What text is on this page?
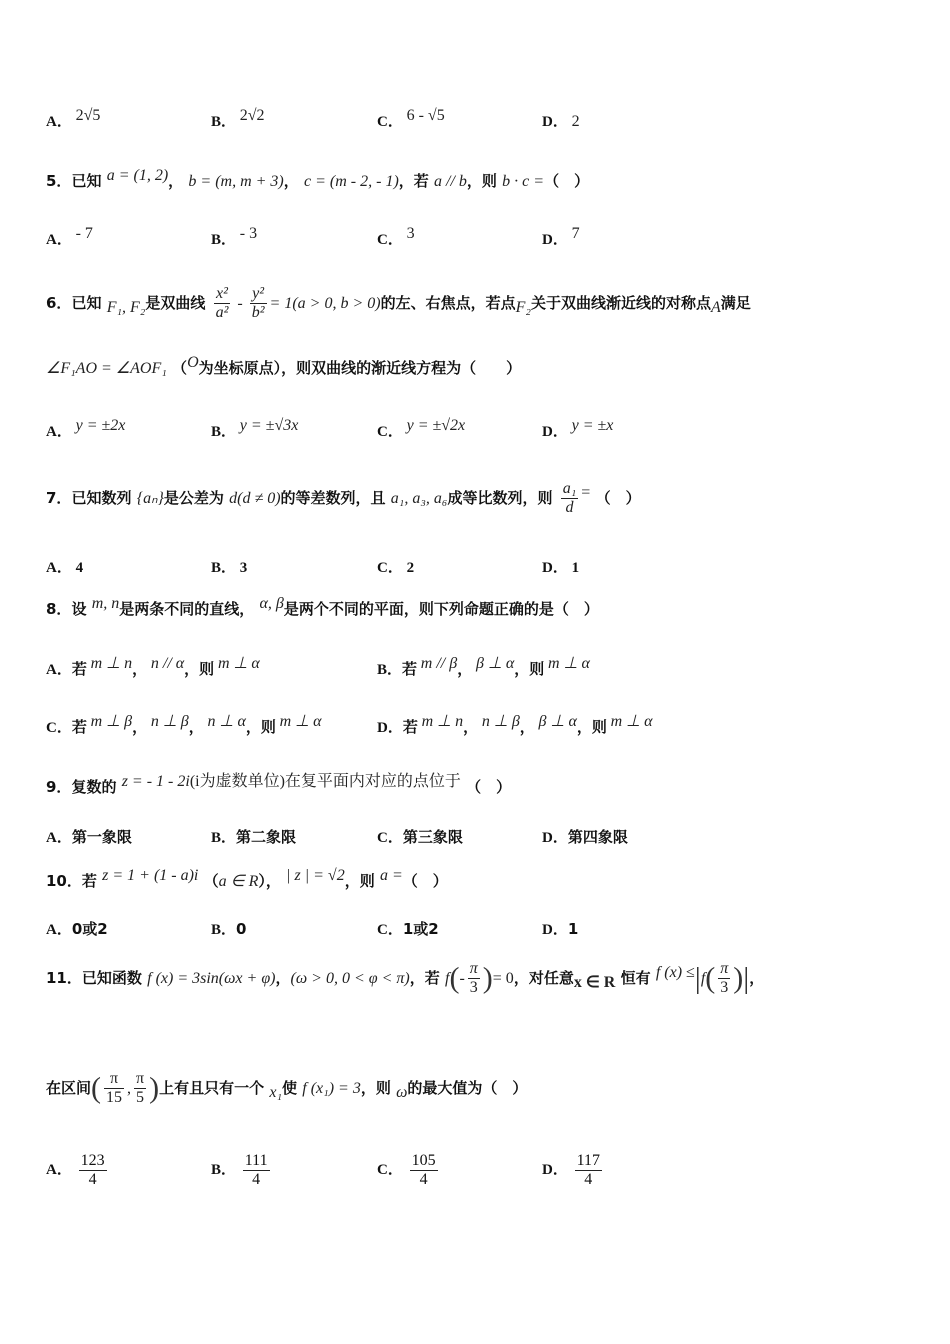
A． 2√5	B． 2√2	C． 6 - √5	D． 2
5．已知 a = (1, 2)， b = (m, m + 3)， c = (m - 2, - 1)，若 a // b，则 b · c =（　）
A． - 7	B． - 3	C． 3	D． 7
6．已知 F₁, F₂是双曲线 $\frac{\text{x²}}{\text{a²}} - \frac{\text{y²}}{\text{b²}} = 1(a > 0$, b > 0)的左、右焦点，若点F₂关于双曲线渐近线的对称点A满足
∠F₁AO = ∠AOF₁ （O为坐标原点），则双曲线的渐近线方程为（　　）
A． y = ±2x	B． y = ±√3x	C． y = ±√2x	D． y = ±x
7．已知数列 {aₙ}是公差为 d(d ≠ 0)的等差数列，且 a₁, a₃, a₆成等比数列，则 $\frac{\text{a₁}}{d}$ = （　）
A． 4	B． 3	C． 2	D． 1
8．设 m, n是两条不同的直线， α, β是两个不同的平面，则下列命题正确的是（　）
A．若 m ⊥ n， n // α，则 m ⊥ α	B．若 m // β， β ⊥ α，则 m ⊥ α
C．若 m ⊥ β， n ⊥ β， n ⊥ α，则 m ⊥ α	D．若 m ⊥ n， n ⊥ β， β ⊥ α，则 m ⊥ α
9．复数的 z = - 1 - 2i(i为虚数单位)在复平面内对应的点位于 （　）
A．第一象限	B．第二象限	C．第三象限	D．第四象限
10．若 z = 1 + (1 - a)i （a ∈ R）， | z | = √2，则 a =（　）
A．0或2	B．0	C．1或2	D．1
11．已知函数 f (x) = 3sin(ωx + φ)，(ω > 0, 0 < φ < π)，若 $f(- \frac{\pi}{3}$ )= 0，对任意x ∈ R 恒有 f $(x) \le|f( \frac{\pi}{3}$ )|，
在区间( $\frac{\pi}{15}$ , $\frac{\pi}{5}$ )上有且只有一个 x₁使 f (x₁) = 3，则 ω的最大值为（　）
A． $\frac{123}{4}$	B． $\frac{111}{4}$	C． $\frac{105}{4}$	D． $\frac{117}{4}$
